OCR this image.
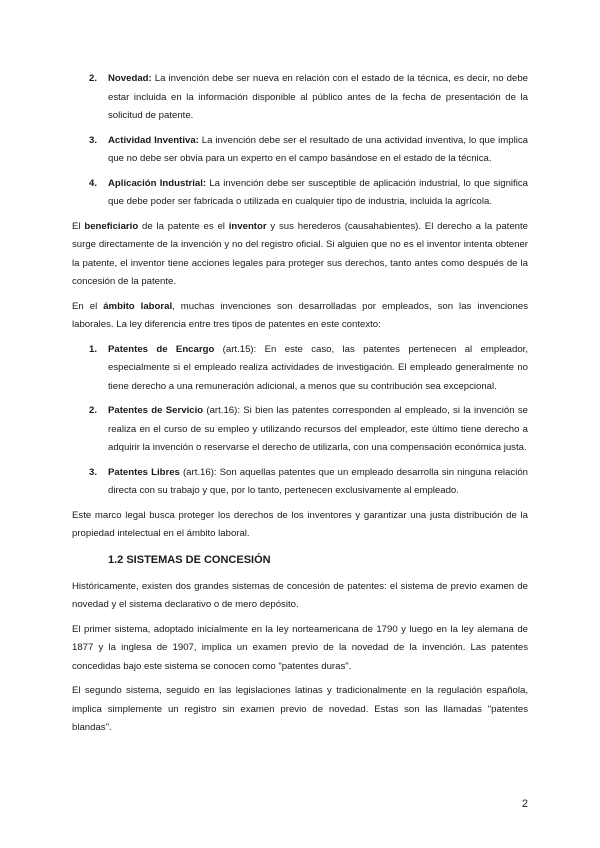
2. Novedad: La invención debe ser nueva en relación con el estado de la técnica, es decir, no debe estar incluida en la información disponible al público antes de la fecha de presentación de la solicitud de patente.
3. Actividad Inventiva: La invención debe ser el resultado de una actividad inventiva, lo que implica que no debe ser obvia para un experto en el campo basándose en el estado de la técnica.
4. Aplicación Industrial: La invención debe ser susceptible de aplicación industrial, lo que significa que debe poder ser fabricada o utilizada en cualquier tipo de industria, incluida la agrícola.

El beneficiario de la patente es el inventor y sus herederos (causahabientes). El derecho a la patente surge directamente de la invención y no del registro oficial. Si alguien que no es el inventor intenta obtener la patente, el inventor tiene acciones legales para proteger sus derechos, tanto antes como después de la concesión de la patente.

En el ámbito laboral, muchas invenciones son desarrolladas por empleados, son las invenciones laborales. La ley diferencia entre tres tipos de patentes en este contexto:

1. Patentes de Encargo (art.15): En este caso, las patentes pertenecen al empleador, especialmente si el empleado realiza actividades de investigación. El empleado generalmente no tiene derecho a una remuneración adicional, a menos que su contribución sea excepcional.
2. Patentes de Servicio (art.16): Si bien las patentes corresponden al empleado, si la invención se realiza en el curso de su empleo y utilizando recursos del empleador, este último tiene derecho a adquirir la invención o reservarse el derecho de utilizarla, con una compensación económica justa.
3. Patentes Libres (art.16): Son aquellas patentes que un empleado desarrolla sin ninguna relación directa con su trabajo y que, por lo tanto, pertenecen exclusivamente al empleado.

Este marco legal busca proteger los derechos de los inventores y garantizar una justa distribución de la propiedad intelectual en el ámbito laboral.

1.2 SISTEMAS DE CONCESIÓN

Históricamente, existen dos grandes sistemas de concesión de patentes: el sistema de previo examen de novedad y el sistema declarativo o de mero depósito.

El primer sistema, adoptado inicialmente en la ley norteamericana de 1790 y luego en la ley alemana de 1877 y la inglesa de 1907, implica un examen previo de la novedad de la invención. Las patentes concedidas bajo este sistema se conocen como "patentes duras".

El segundo sistema, seguido en las legislaciones latinas y tradicionalmente en la regulación española, implica simplemente un registro sin examen previo de novedad. Estas son las llamadas "patentes blandas".

2
